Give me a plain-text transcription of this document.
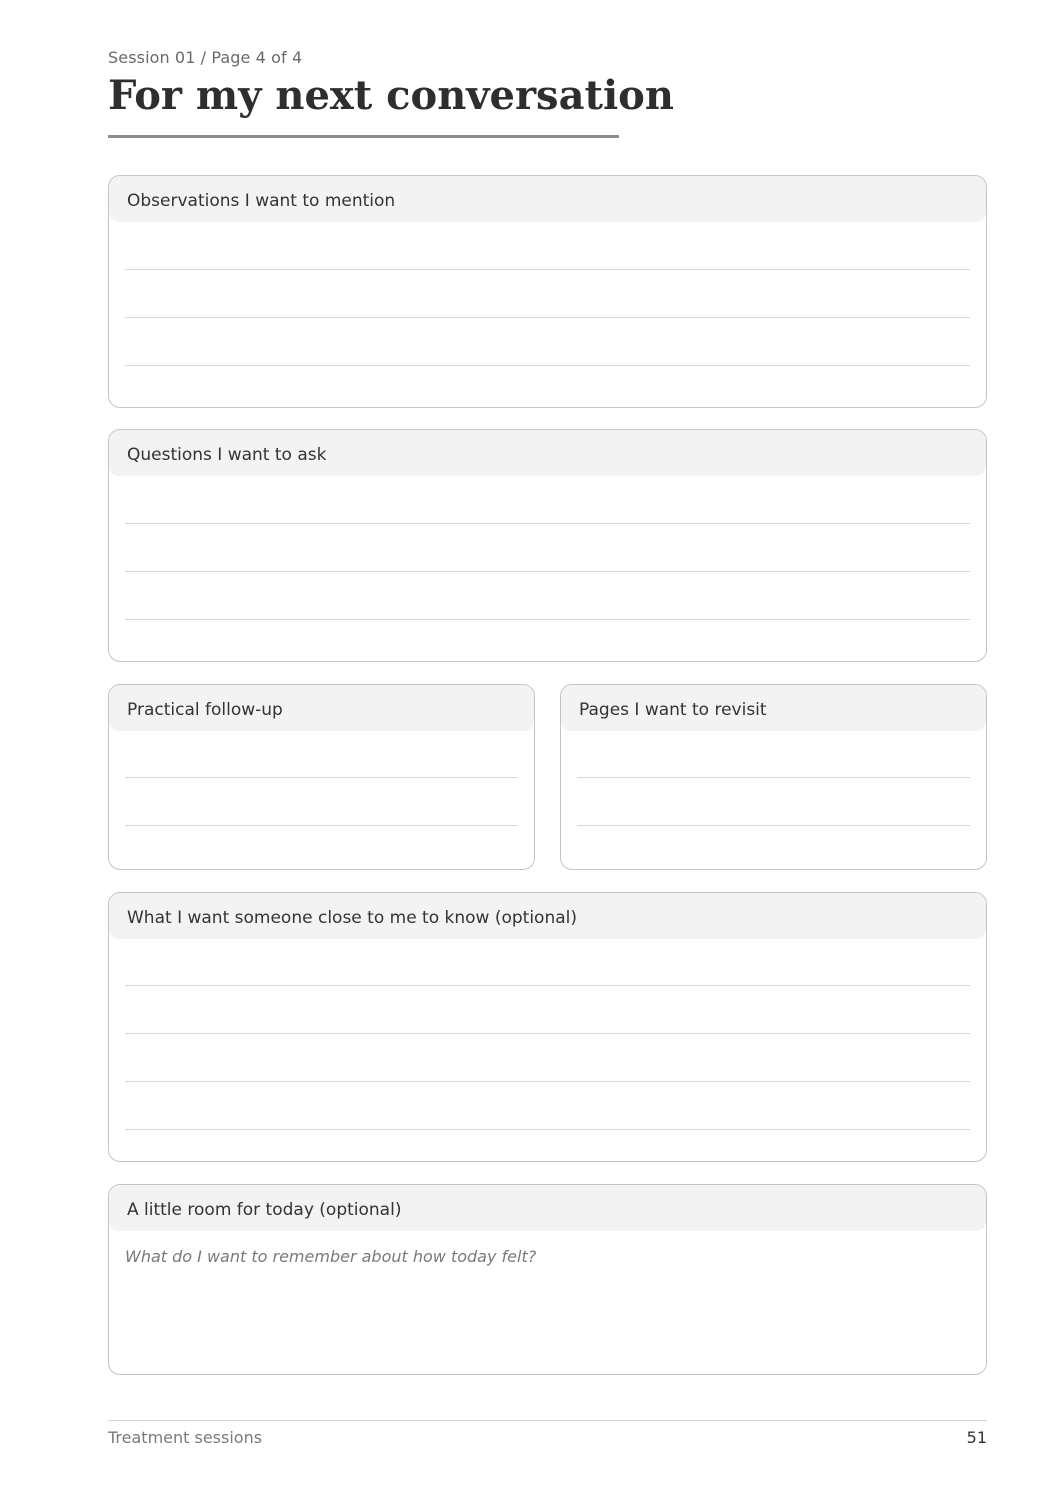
Session 01 / Page 4 of 4
For my next conversation
Observations I want to mention
Questions I want to ask
Practical follow-up	Pages I want to revisit
What I want someone close to me to know (optional)
A little room for today (optional)
What do I want to remember about how today felt?
Treatment sessions	51
